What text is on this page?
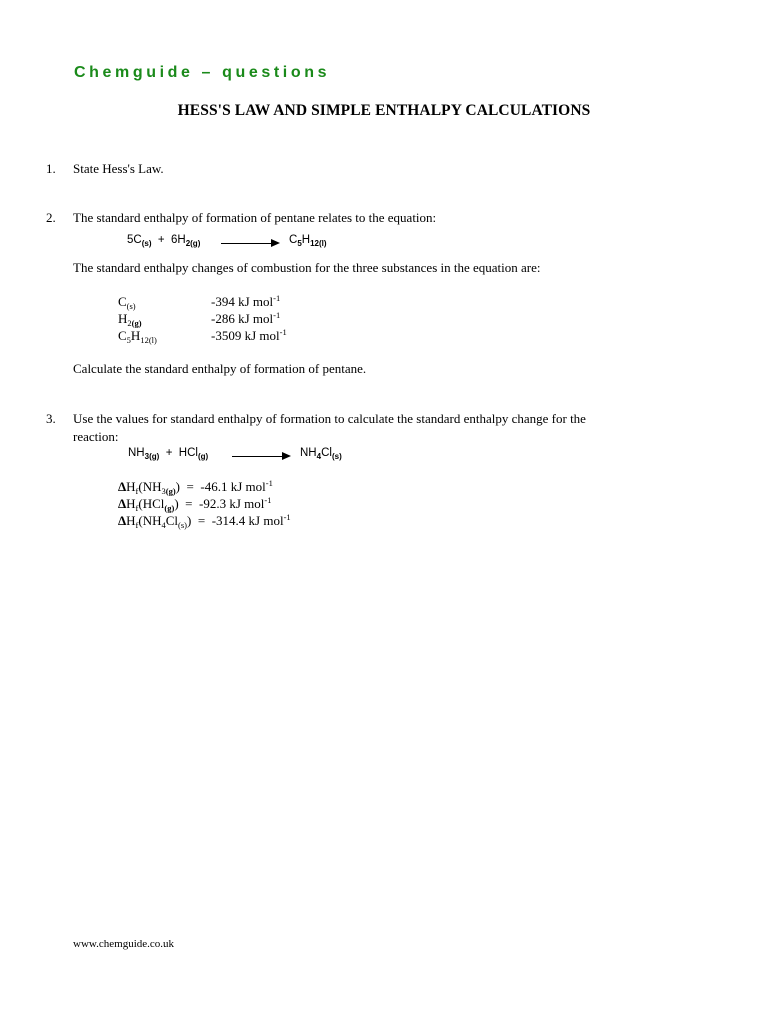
Chemguide – questions
HESS'S LAW AND SIMPLE ENTHALPY CALCULATIONS
1. State Hess's Law.
2. The standard enthalpy of formation of pentane relates to the equation:
$5C_{(s)} + 6H_{2(g)}$	$C_5H_{12(l)}$
The standard enthalpy changes of combustion for the three substances in the equation are:
$C_{(s)}$	-394 kJ mol$^{-1}$
$H_{2(g)}$	-286 kJ mol$^{-1}$
$C_5H_{12(l)}$	-3509 kJ mol$^{-1}$
Calculate the standard enthalpy of formation of pentane.
3. Use the values for standard enthalpy of formation to calculate the standard enthalpy change for the
reaction:
$NH_{3(g)} + HCl_{(g)}$	$NH_4Cl_{(s)}$
$\Delta H_f(NH_{3(g)}) = -46.1$ kJ mol$^{-1}$
$\Delta H_f(HCl_{(g)}) = -92.3$ kJ mol$^{-1}$
$\Delta H_f(NH_4Cl_{(s)}) = -314.4$ kJ mol$^{-1}$
www.chemguide.co.uk
